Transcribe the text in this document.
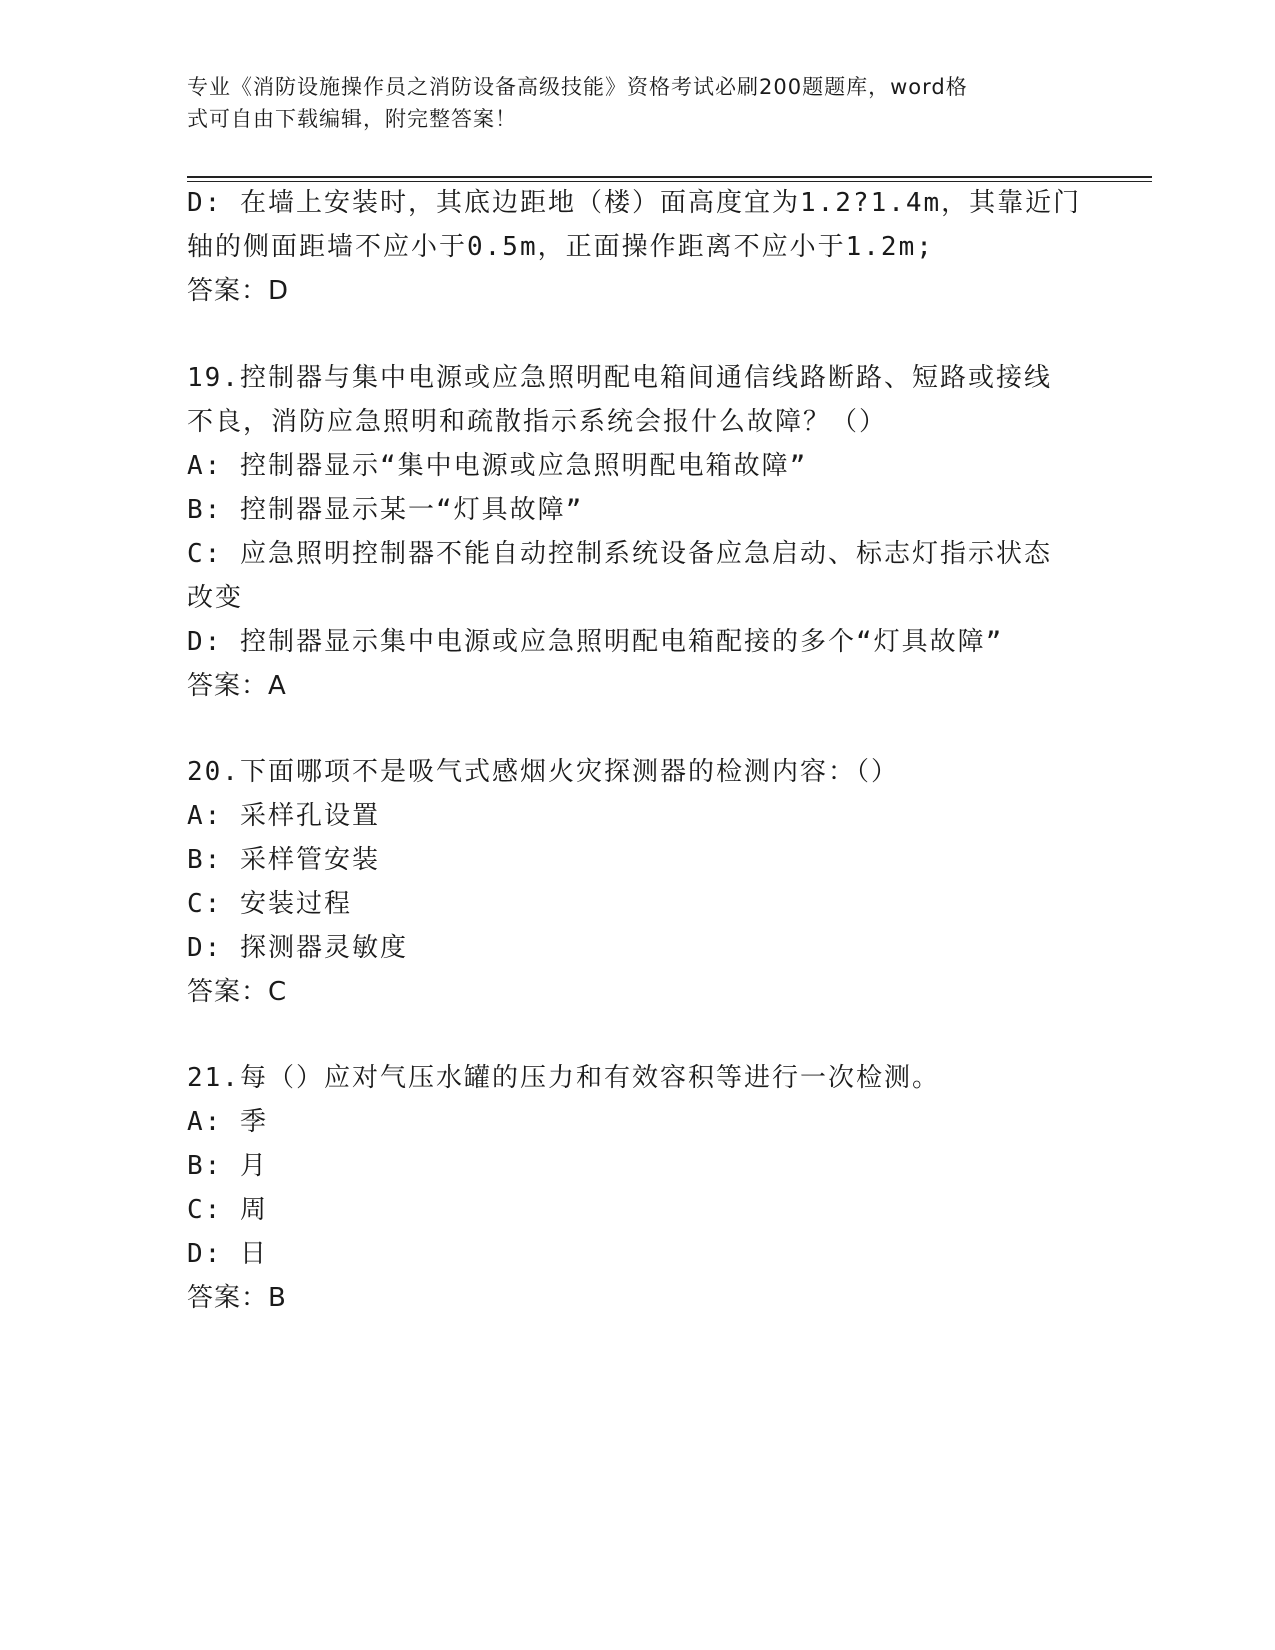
专业《消防设施操作员之消防设备高级技能》资格考试必刷200题题库，word格
式可自由下载编辑，附完整答案！
D: 在墙上安装时，其底边距地（楼）面高度宜为1.2?1.4m，其靠近门
轴的侧面距墙不应小于0.5m，正面操作距离不应小于1.2m;
答案：D
19.控制器与集中电源或应急照明配电箱间通信线路断路、短路或接线
不良，消防应急照明和疏散指示系统会报什么故障？（）
A: 控制器显示“集中电源或应急照明配电箱故障”
B: 控制器显示某一“灯具故障”
C: 应急照明控制器不能自动控制系统设备应急启动、标志灯指示状态
改变
D: 控制器显示集中电源或应急照明配电箱配接的多个“灯具故障”
答案：A
20.下面哪项不是吸气式感烟火灾探测器的检测内容：（）
A: 采样孔设置
B: 采样管安装
C: 安装过程
D: 探测器灵敏度
答案：C
21.每（）应对气压水罐的压力和有效容积等进行一次检测。
A: 季
B: 月
C: 周
D: 日
答案：B
